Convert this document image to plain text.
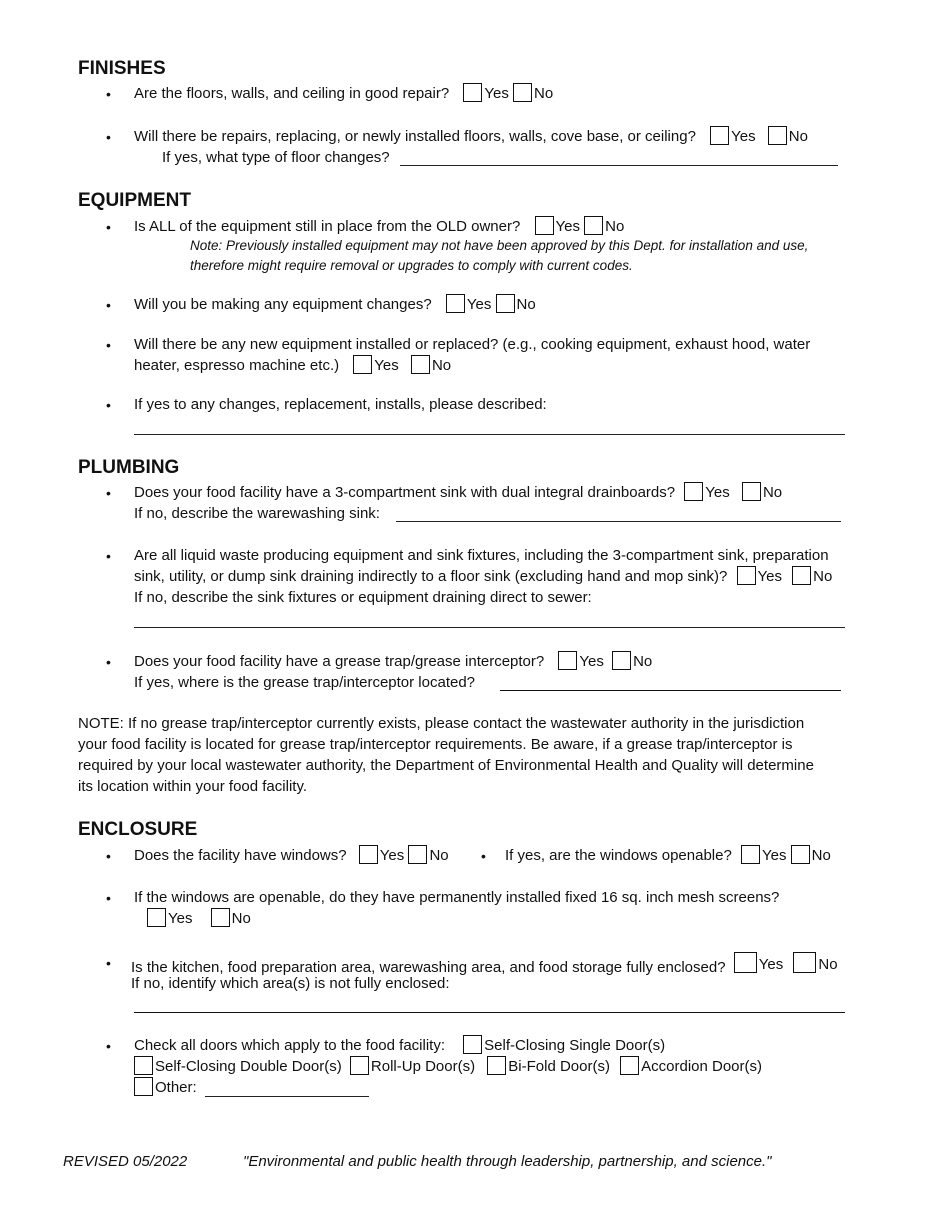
FINISHES
• Are the floors, walls, and ceiling in good repair? Yes No
• Will there be repairs, replacing, or newly installed floors, walls, cove base, or ceiling? Yes No
If yes, what type of floor changes?
EQUIPMENT
• Is ALL of the equipment still in place from the OLD owner? Yes No
Note: Previously installed equipment may not have been approved by this Dept. for installation and use,
therefore might require removal or upgrades to comply with current codes.
• Will you be making any equipment changes? Yes No
• Will there be any new equipment installed or replaced? (e.g., cooking equipment, exhaust hood, water
heater, espresso machine etc.) Yes No
• If yes to any changes, replacement, installs, please described:
PLUMBING
• Does your food facility have a 3-compartment sink with dual integral drainboards? Yes No
If no, describe the warewashing sink:
• Are all liquid waste producing equipment and sink fixtures, including the 3-compartment sink, preparation
sink, utility, or dump sink draining indirectly to a floor sink (excluding hand and mop sink)? Yes No
If no, describe the sink fixtures or equipment draining direct to sewer:
• Does your food facility have a grease trap/grease interceptor? Yes No
If yes, where is the grease trap/interceptor located?
NOTE: If no grease trap/interceptor currently exists, please contact the wastewater authority in the jurisdiction
your food facility is located for grease trap/interceptor requirements. Be aware, if a grease trap/interceptor is
required by your local wastewater authority, the Department of Environmental Health and Quality will determine
its location within your food facility.
ENCLOSURE
• Does the facility have windows? Yes No • If yes, are the windows openable? Yes No
• If the windows are openable, do they have permanently installed fixed 16 sq. inch mesh screens?
Yes	No
• Is the kitchen, food preparation area, warewashing area, and food storage fully enclosed? Yes No
If no, identify which area(s) is not fully enclosed:
• Check all doors which apply to the food facility:	Self-Closing Single Door(s)
Self-Closing Double Door(s) Roll-Up Door(s) Bi-Fold Door(s) Accordion Door(s)
Other:
REVISED 05/2022	"Environmental and public health through leadership, partnership, and science."
